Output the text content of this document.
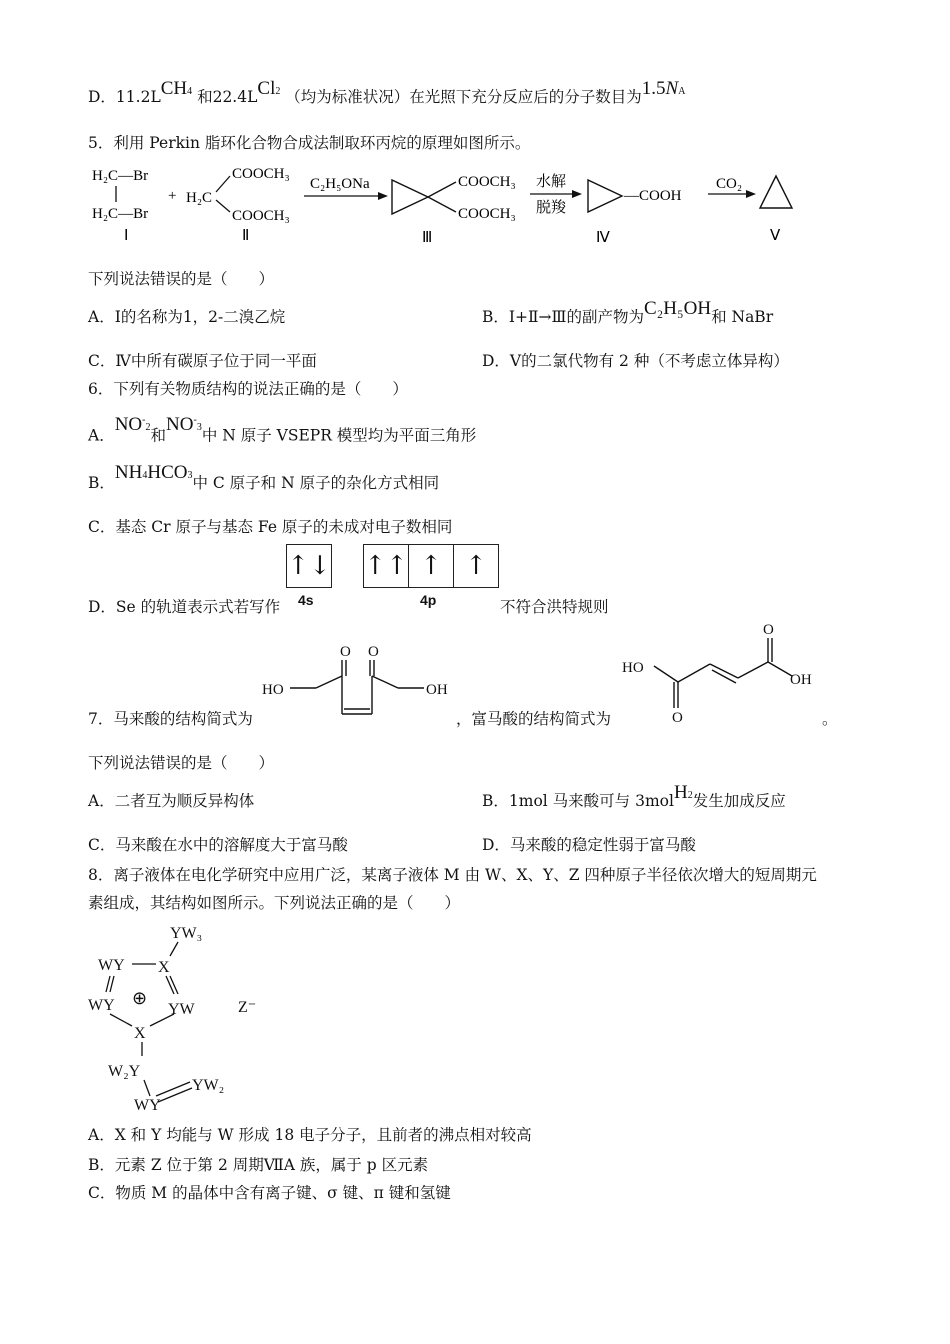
D．11.2LCH4 和22.4LCl2 （均为标准状况）在光照下充分反应后的分子数目为1.5NA
5．利用 Perkin 脂环化合物合成法制取环丙烷的原理如图所示。
H₂C—Br
H₂C—Br
Ⅰ
+ H₂C
COOCH₃
COOCH₃
Ⅱ
C₂H₅ONa	COOCH₃
COOCH₃
Ⅲ
水解
脱羧
—COOH
Ⅳ
CO₂
Ⅴ
下列说法错误的是（　　）
A．Ⅰ的名称为1，2-二溴乙烷	B．Ⅰ+Ⅱ→Ⅲ的副产物为C₂H₅OH和 NaBr
C．Ⅳ中所有碳原子位于同一平面	D．Ⅴ的二氯代物有 2 种（不考虑立体异构）
6．下列有关物质结构的说法正确的是（　　）
A．NO-2和NO-3中 N 原子 VSEPR 模型均为平面三角形
B．NH4HCO3中 C 原子和 N 原子的杂化方式相同
C．基态 Cr 原子与基态 Fe 原子的未成对电子数相同
↑↓ ↑↑ ↑ ↑
4s	4p
D．Se 的轨道表示式若写作	不符合洪特规则
O O
HO	OH
O
HO
OH
O
7．马来酸的结构简式为	，富马酸的结构简式为	。
下列说法错误的是（　　）
A．二者互为顺反异构体	B．1mol 马来酸可与 3molH2发生加成反应
C．马来酸在水中的溶解度大于富马酸	D．马来酸的稳定性弱于富马酸
8．离子液体在电化学研究中应用广泛，某离子液体 M 由 W、X、Y、Z 四种原子半径依次增大的短周期元
素组成，其结构如图所示。下列说法正确的是（　　）
YW₃
WY X
WY ⊕
YW
X
W₂Y
YW₂
WY
Z⁻
A．X 和 Y 均能与 W 形成 18 电子分子，且前者的沸点相对较高
B．元素 Z 位于第 2 周期ⅦA 族，属于 p 区元素
C．物质 M 的晶体中含有离子键、σ 键、π 键和氢键
